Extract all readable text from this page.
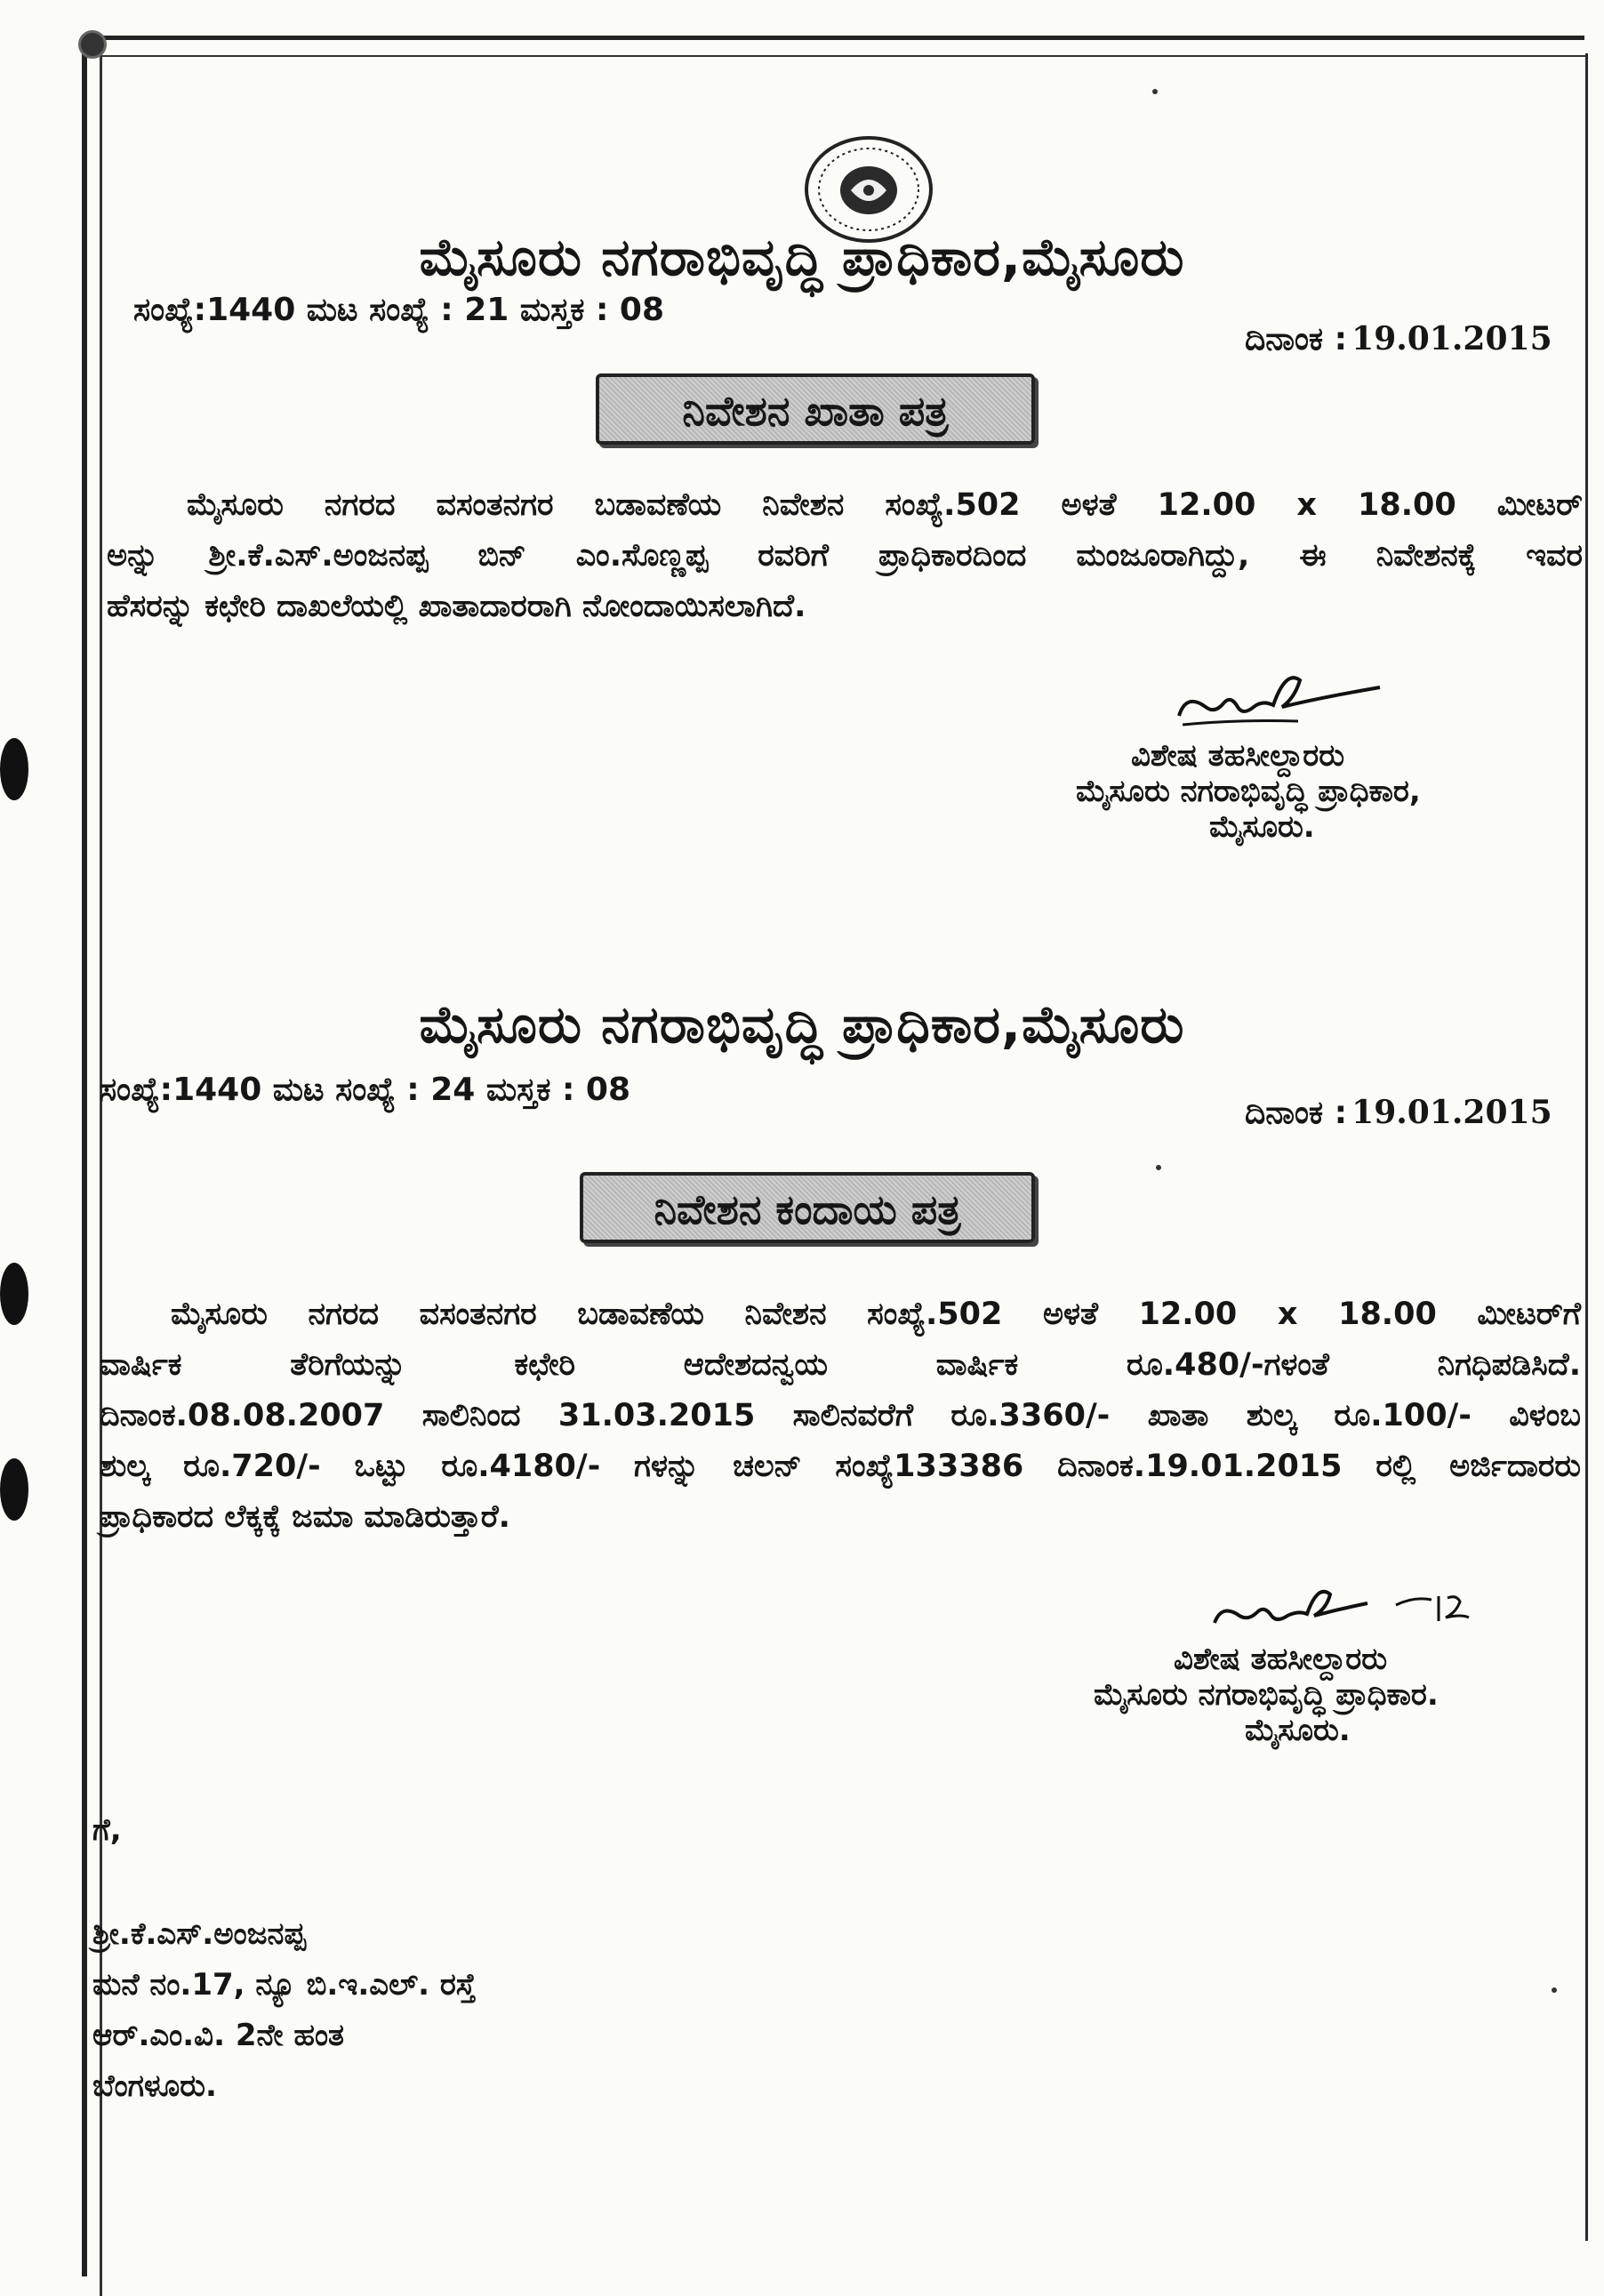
ಮೈಸೂರು ನಗರಾಭಿವೃದ್ಧಿ ಪ್ರಾಧಿಕಾರ,ಮೈಸೂರು
ಸಂಖ್ಯೆ:1440 ಮಟ ಸಂಖ್ಯೆ : 21 ಮಸ್ತಕ : 08
ದಿನಾಂಕ : 19.01.2015
ನಿವೇಶನ ಖಾತಾ ಪತ್ರ

ಮೈಸೂರು ನಗರದ ವಸಂತನಗರ ಬಡಾವಣೆಯ ನಿವೇಶನ ಸಂಖ್ಯೆ.502 ಅಳತೆ 12.00 x 18.00 ಮೀಟರ್

ಅನ್ನು ಶ್ರೀ.ಕೆ.ಎಸ್.ಅಂಜನಪ್ಪ ಬಿನ್ ಎಂ.ಸೊಣ್ಣಪ್ಪ ರವರಿಗೆ ಪ್ರಾಧಿಕಾರದಿಂದ ಮಂಜೂರಾಗಿದ್ದು, ಈ ನಿವೇಶನಕ್ಕೆ ಇವರ

ಹೆಸರನ್ನು ಕಛೇರಿ ದಾಖಲೆಯಲ್ಲಿ ಖಾತಾದಾರರಾಗಿ ನೋಂದಾಯಿಸಲಾಗಿದೆ.

ವಿಶೇಷ ತಹಸೀಲ್ದಾರರು
ಮೈಸೂರು ನಗರಾಭಿವೃದ್ಧಿ ಪ್ರಾಧಿಕಾರ,
ಮೈಸೂರು.
ಮೈಸೂರು ನಗರಾಭಿವೃದ್ಧಿ ಪ್ರಾಧಿಕಾರ,ಮೈಸೂರು
ಸಂಖ್ಯೆ:1440 ಮಟ ಸಂಖ್ಯೆ : 24 ಮಸ್ತಕ : 08
ದಿನಾಂಕ : 19.01.2015
ನಿವೇಶನ ಕಂದಾಯ ಪತ್ರ

ಮೈಸೂರು ನಗರದ ವಸಂತನಗರ ಬಡಾವಣೆಯ ನಿವೇಶನ ಸಂಖ್ಯೆ.502 ಅಳತೆ 12.00 x 18.00 ಮೀಟರ್‌ಗೆ

ವಾರ್ಷಿಕ ತೆರಿಗೆಯನ್ನು ಕಛೇರಿ ಆದೇಶದನ್ವಯ ವಾರ್ಷಿಕ ರೂ.480/-ಗಳಂತೆ ನಿಗಧಿಪಡಿಸಿದೆ.

ದಿನಾಂಕ.08.08.2007 ಸಾಲಿನಿಂದ 31.03.2015 ಸಾಲಿನವರೆಗೆ ರೂ.3360/- ಖಾತಾ ಶುಲ್ಕ ರೂ.100/- ವಿಳಂಬ

ಶುಲ್ಕ ರೂ.720/- ಒಟ್ಟು ರೂ.4180/- ಗಳನ್ನು ಚಲನ್ ಸಂಖ್ಯೆ133386 ದಿನಾಂಕ.19.01.2015 ರಲ್ಲಿ ಅರ್ಜಿದಾರರು

ಪ್ರಾಧಿಕಾರದ ಲೆಕ್ಕಕ್ಕೆ ಜಮಾ ಮಾಡಿರುತ್ತಾರೆ.

ವಿಶೇಷ ತಹಸೀಲ್ದಾರರು
ಮೈಸೂರು ನಗರಾಭಿವೃದ್ಧಿ ಪ್ರಾಧಿಕಾರ.
ಮೈಸೂರು.
ಗೆ,
ಶ್ರೀ.ಕೆ.ಎಸ್.ಅಂಜನಪ್ಪ
ಮನೆ ನಂ.17, ನ್ಯೂ ಬಿ.ಇ.ಎಲ್. ರಸ್ತೆ
ಆರ್.ಎಂ.ವಿ. 2ನೇ ಹಂತ
ಬೆಂಗಳೂರು.
